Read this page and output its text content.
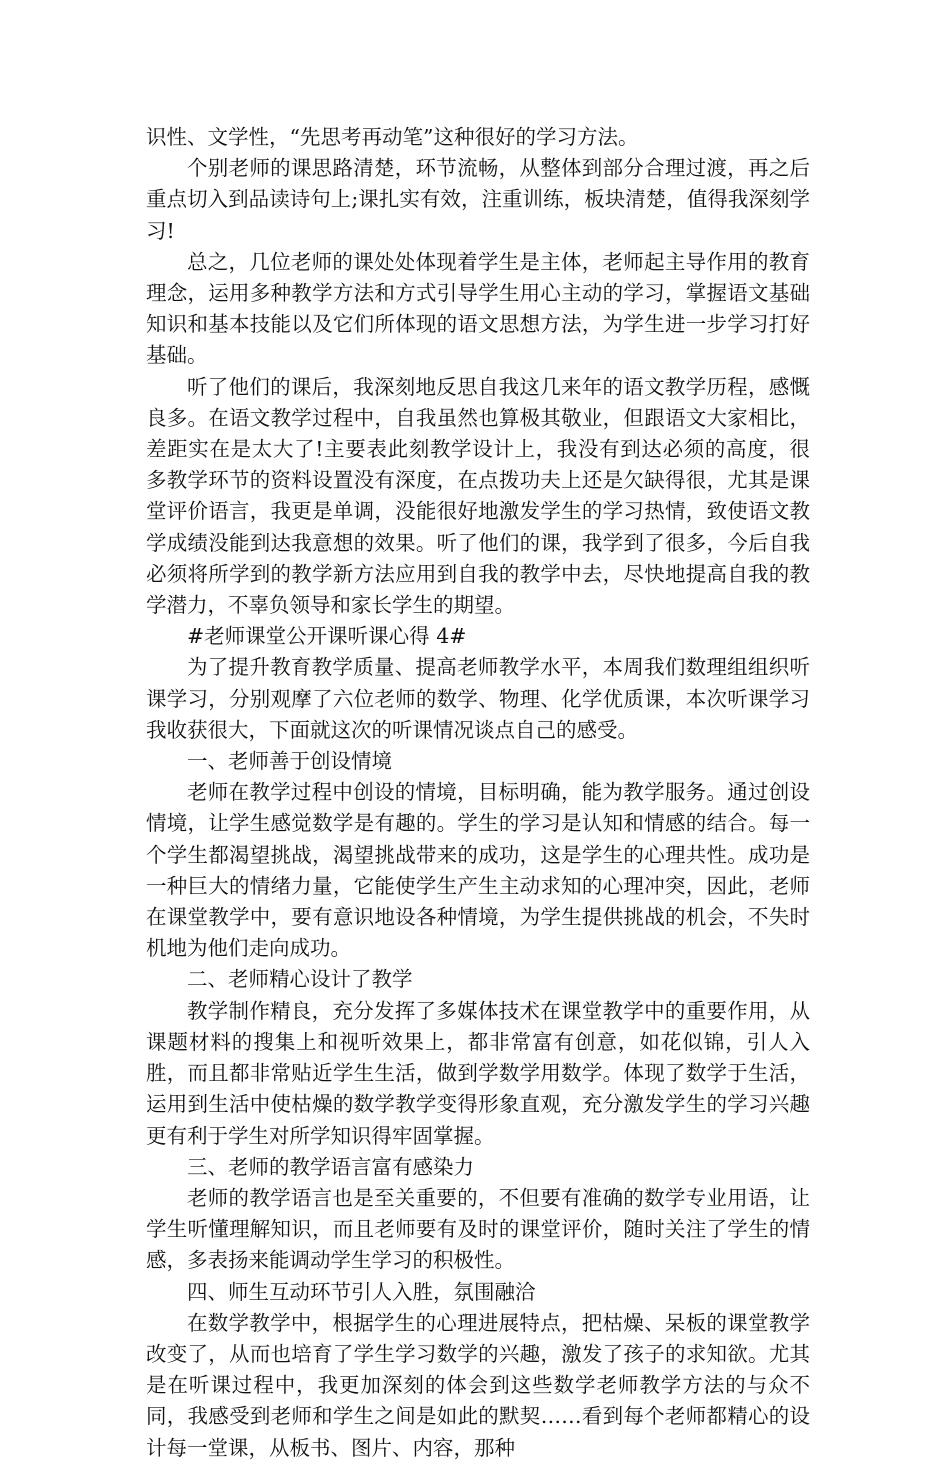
识性、文学性，“先思考再动笔”这种很好的学习方法。

个别老师的课思路清楚，环节流畅，从整体到部分合理过渡，再之后重点切入到品读诗句上;课扎实有效，注重训练，板块清楚，值得我深刻学习!

总之，几位老师的课处处体现着学生是主体，老师起主导作用的教育理念，运用多种教学方法和方式引导学生用心主动的学习，掌握语文基础知识和基本技能以及它们所体现的语文思想方法，为学生进一步学习打好基础。

听了他们的课后，我深刻地反思自我这几来年的语文教学历程，感慨良多。在语文教学过程中，自我虽然也算极其敬业，但跟语文大家相比，差距实在是太大了!主要表此刻教学设计上，我没有到达必须的高度，很多教学环节的资料设置没有深度，在点拨功夫上还是欠缺得很，尤其是课堂评价语言，我更是单调，没能很好地激发学生的学习热情，致使语文教学成绩没能到达我意想的效果。听了他们的课，我学到了很多，今后自我必须将所学到的教学新方法应用到自我的教学中去，尽快地提高自我的教学潜力，不辜负领导和家长学生的期望。

#老师课堂公开课听课心得 4#

为了提升教育教学质量、提高老师教学水平，本周我们数理组组织听课学习，分别观摩了六位老师的数学、物理、化学优质课，本次听课学习我收获很大，下面就这次的听课情况谈点自己的感受。

一、老师善于创设情境

老师在教学过程中创设的情境，目标明确，能为教学服务。通过创设情境，让学生感觉数学是有趣的。学生的学习是认知和情感的结合。每一个学生都渴望挑战，渴望挑战带来的成功，这是学生的心理共性。成功是一种巨大的情绪力量，它能使学生产生主动求知的心理冲突，因此，老师在课堂教学中，要有意识地设各种情境，为学生提供挑战的机会，不失时机地为他们走向成功。

二、老师精心设计了教学

教学制作精良，充分发挥了多媒体技术在课堂教学中的重要作用，从课题材料的搜集上和视听效果上，都非常富有创意，如花似锦，引人入胜，而且都非常贴近学生生活，做到学数学用数学。体现了数学于生活，运用到生活中使枯燥的数学教学变得形象直观，充分激发学生的学习兴趣更有利于学生对所学知识得牢固掌握。

三、老师的教学语言富有感染力

老师的教学语言也是至关重要的，不但要有准确的数学专业用语，让学生听懂理解知识，而且老师要有及时的课堂评价，随时关注了学生的情感，多表扬来能调动学生学习的积极性。

四、师生互动环节引人入胜，氛围融洽

在数学教学中，根据学生的心理进展特点，把枯燥、呆板的课堂教学改变了，从而也培育了学生学习数学的兴趣，激发了孩子的求知欲。尤其是在听课过程中，我更加深刻的体会到这些数学老师教学方法的与众不同，我感受到老师和学生之间是如此的默契……看到每个老师都精心的设计每一堂课，从板书、图片、内容，那种
